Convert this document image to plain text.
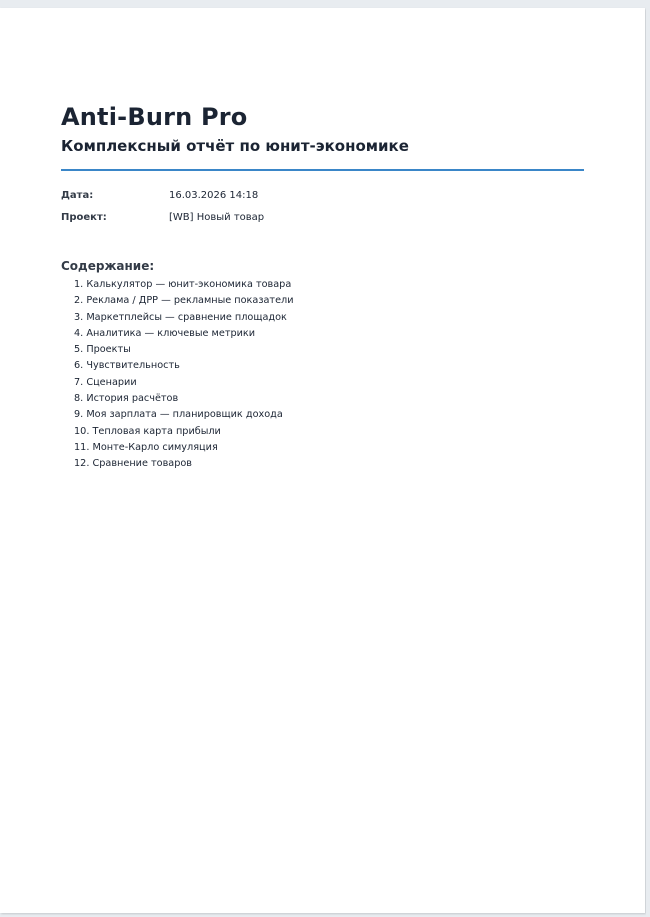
Anti-Burn Pro
Комплексный отчёт по юнит-экономике
Дата:	16.03.2026 14:18
Проект:	[WB] Новый товар
Содержание:
1. Калькулятор — юнит-экономика товара
2. Реклама / ДРР — рекламные показатели
3. Маркетплейсы — сравнение площадок
4. Аналитика — ключевые метрики
5. Проекты
6. Чувствительность
7. Сценарии
8. История расчётов
9. Моя зарплата — планировщик дохода
10. Тепловая карта прибыли
11. Монте-Карло симуляция
12. Сравнение товаров
